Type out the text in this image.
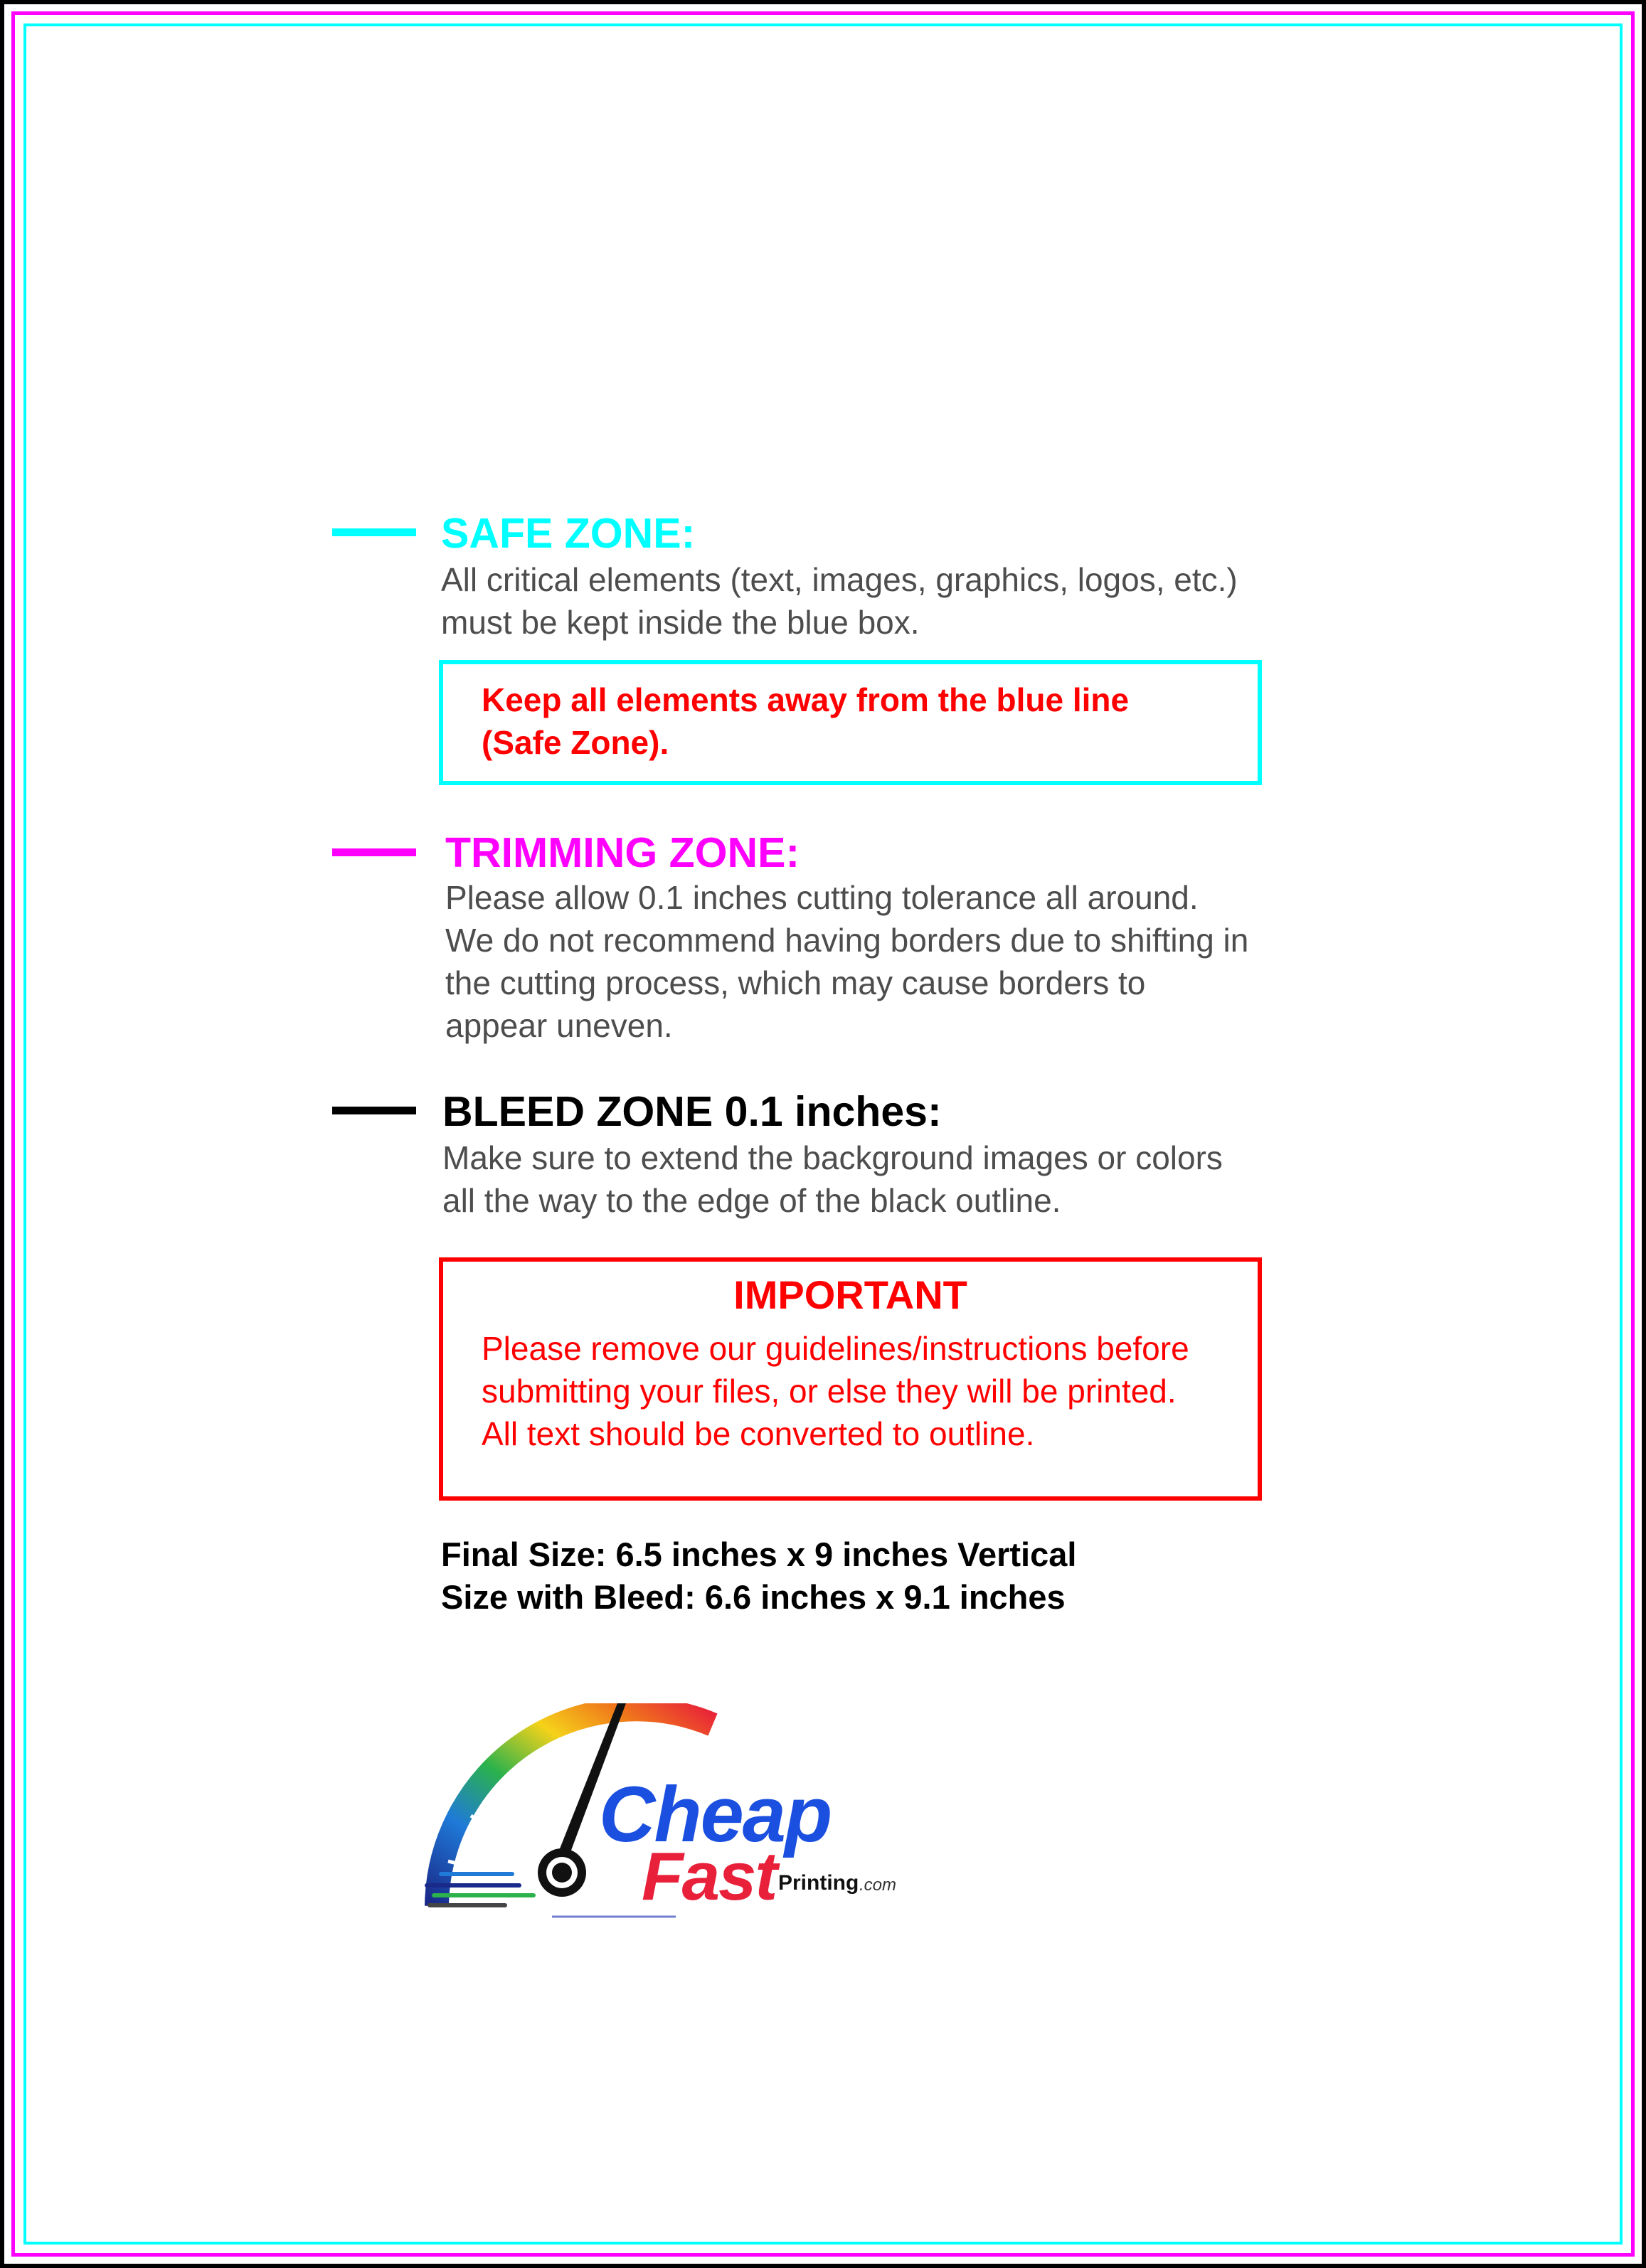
SAFE ZONE:
All critical elements (text, images, graphics, logos, etc.)
must be kept inside the blue box.
Keep all elements away from the blue line
(Safe Zone).
TRIMMING ZONE:
Please allow 0.1 inches cutting tolerance all around.
We do not recommend having borders due to shifting in
the cutting process, which may cause borders to
appear uneven.
BLEED ZONE 0.1 inches:
Make sure to extend the background images or colors
all the way to the edge of the black outline.
IMPORTANT
Please remove our guidelines/instructions before
submitting your files, or else they will be printed.
All text should be converted to outline.
Final Size: 6.5 inches x 9 inches Vertical
Size with Bleed: 6.6 inches x 9.1 inches
Cheap
Fast Printing .com
